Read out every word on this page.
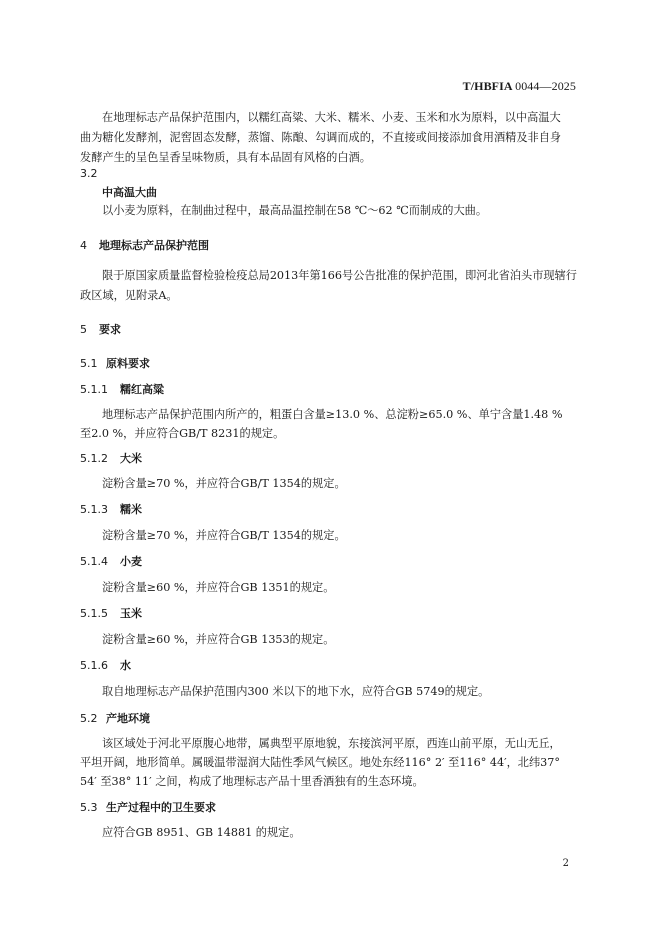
T/HBFIA 0044—2025
在地理标志产品保护范围内，以糯红高粱、大米、糯米、小麦、玉米和水为原料，以中高温大
曲为糖化发酵剂，泥窖固态发酵，蒸馏、陈酿、勾调而成的，不直接或间接添加食用酒精及非自身
发酵产生的呈色呈香呈味物质，具有本品固有风格的白酒。
3.2
中高温大曲
以小麦为原料，在制曲过程中，最高品温控制在58 ℃～62 ℃而制成的大曲。
4 地理标志产品保护范围
限于原国家质量监督检验检疫总局2013年第166号公告批准的保护范围，即河北省泊头市现辖行
政区域，见附录A。
5 要求
5.1 原料要求
5.1.1 糯红高粱
地理标志产品保护范围内所产的，粗蛋白含量≥13.0 %、总淀粉≥65.0 %、单宁含量1.48 %
至2.0 %，并应符合GB/T 8231的规定。
5.1.2 大米
淀粉含量≥70 %，并应符合GB/T 1354的规定。
5.1.3 糯米
淀粉含量≥70 %，并应符合GB/T 1354的规定。
5.1.4 小麦
淀粉含量≥60 %，并应符合GB 1351的规定。
5.1.5 玉米
淀粉含量≥60 %，并应符合GB 1353的规定。
5.1.6 水
取自地理标志产品保护范围内300 米以下的地下水，应符合GB 5749的规定。
5.2 产地环境
该区域处于河北平原腹心地带，属典型平原地貌，东接滨河平原，西连山前平原，无山无丘，
平坦开阔，地形简单。属暖温带湿润大陆性季风气候区。地处东经116° 2′ 至116° 44′，北纬37°
54′ 至38° 11′ 之间，构成了地理标志产品十里香酒独有的生态环境。
5.3 生产过程中的卫生要求
应符合GB 8951、GB 14881 的规定。
2
